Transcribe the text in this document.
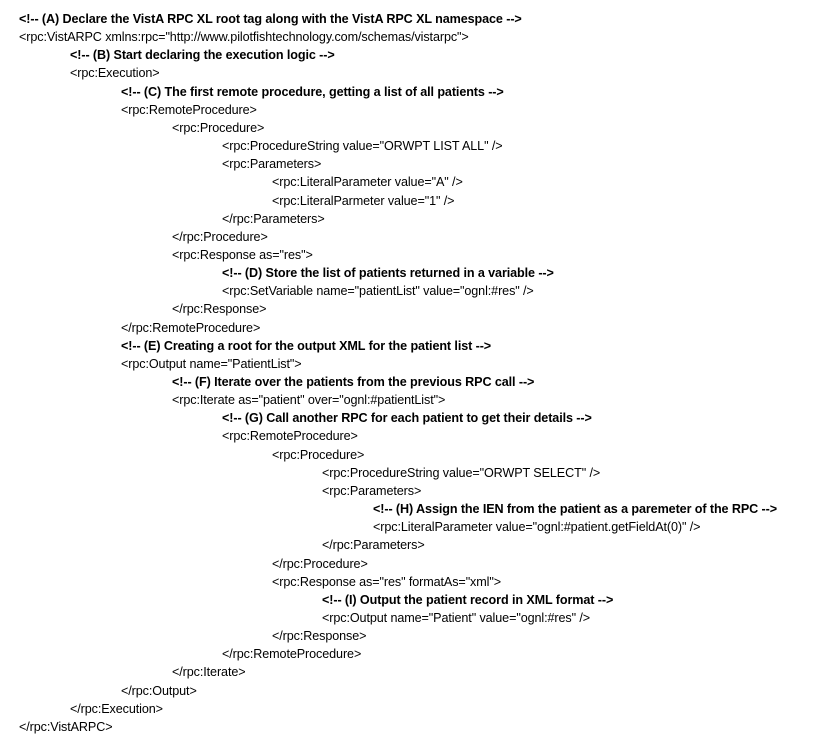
<!-- (A) Declare the VistA RPC XL root tag along with the VistA RPC XL namespace -->
<rpc:VistARPC xmlns:rpc="http://www.pilotfishtechnology.com/schemas/vistarpc">
<!-- (B) Start declaring the execution logic -->
<rpc:Execution>
<!-- (C) The first remote procedure, getting a list of all patients -->
<rpc:RemoteProcedure>
<rpc:Procedure>
<rpc:ProcedureString value="ORWPT LIST ALL" />
<rpc:Parameters>
<rpc:LiteralParameter value="A" />
<rpc:LiteralParmeter value="1" />
</rpc:Parameters>
</rpc:Procedure>
<rpc:Response as="res">
<!-- (D) Store the list of patients returned in a variable -->
<rpc:SetVariable name="patientList" value="ognl:#res" />
</rpc:Response>
</rpc:RemoteProcedure>
<!-- (E) Creating a root for the output XML for the patient list -->
<rpc:Output name="PatientList">
<!-- (F) Iterate over the patients from the previous RPC call -->
<rpc:Iterate as="patient" over="ognl:#patientList">
<!-- (G) Call another RPC for each patient to get their details -->
<rpc:RemoteProcedure>
<rpc:Procedure>
<rpc:ProcedureString value="ORWPT SELECT" />
<rpc:Parameters>
<!-- (H) Assign the IEN from the patient as a paremeter of the RPC -->
<rpc:LiteralParameter value="ognl:#patient.getFieldAt(0)" />
</rpc:Parameters>
</rpc:Procedure>
<rpc:Response as="res" formatAs="xml">
<!-- (I) Output the patient record in XML format -->
<rpc:Output name="Patient" value="ognl:#res" />
</rpc:Response>
</rpc:RemoteProcedure>
</rpc:Iterate>
</rpc:Output>
</rpc:Execution>
</rpc:VistARPC>
